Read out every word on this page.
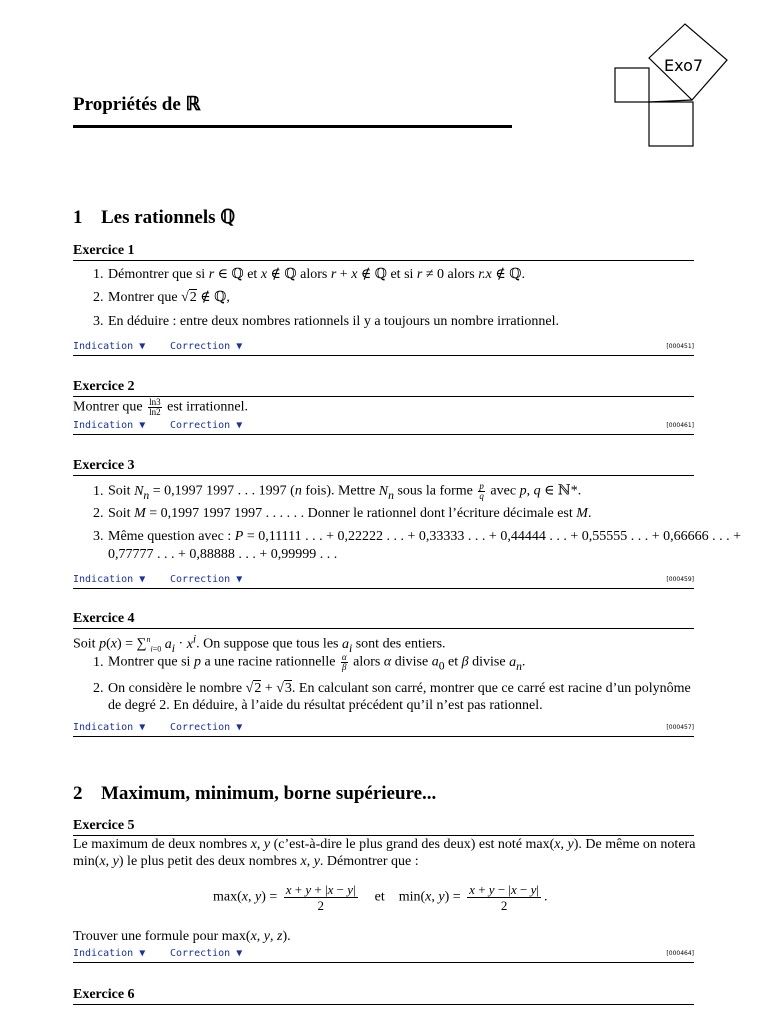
Propriétés de ℝ
Exo7
1 Les rationnels ℚ
Exercice 1
1. Démontrer que si r ∈ ℚ et x ∉ ℚ alors r + x ∉ ℚ et si r ≠ 0 alors r.x ∉ ℚ.
2. Montrer que √2 ∉ ℚ,
3. En déduire : entre deux nombres rationnels il y a toujours un nombre irrationnel.
Indication ▼ Correction ▼	[000451]
Exercice 2
Montrer que $\frac{\ln 3}{\ln 2}$ est irrationnel.
Indication ▼ Correction ▼	[000461]
Exercice 3
1. Soit $N_n = 0,1997$ 1997 . . . 1997 (n fois). Mettre $N_n$ sous la forme $\frac{p}{q}$ avec p, q ∈ ℕ*.
2. Soit M = 0,1997 1997 1997 . . . . . . Donner le rationnel dont l’écriture décimale est M.
3. Même question avec : P = 0,11111 . . . + 0,22222 . . . + 0,33333 . . . + 0,44444 . . . + 0,55555 . . . + 0,66666 . . . +
0,77777 . . . + 0,88888 . . . + 0,99999 . . .
Indication ▼ Correction ▼	[000459]
Exercice 4
Soit p(x) = ∑$^n_{i=0}$ $a_i \cdot x^i$. On suppose que tous les $a_i$ sont des entiers.
1. Montrer que si p a une racine rationnelle $\frac{\alpha}{\beta}$ alors α divise $a_0$ et β divise $a_n$.
2. On considère le nombre √2 + √3. En calculant son carré, montrer que ce carré est racine d’un polynôme
de degré 2. En déduire, à l’aide du résultat précédent qu’il n’est pas rationnel.
Indication ▼ Correction ▼	[000457]
2 Maximum, minimum, borne supérieure...
Exercice 5
Le maximum de deux nombres x, y (c’est-à-dire le plus grand des deux) est noté max(x, y). De même on notera
min(x, y) le plus petit des deux nombres x, y. Démontrer que :
max(x, $y) = \frac{x + y + |x - y|}{2}$ et    min(x, $y) = \frac{x + y - |x - y|}{2}$ .
Trouver une formule pour max(x, y, z).
Indication ▼ Correction ▼	[000464]
Exercice 6
